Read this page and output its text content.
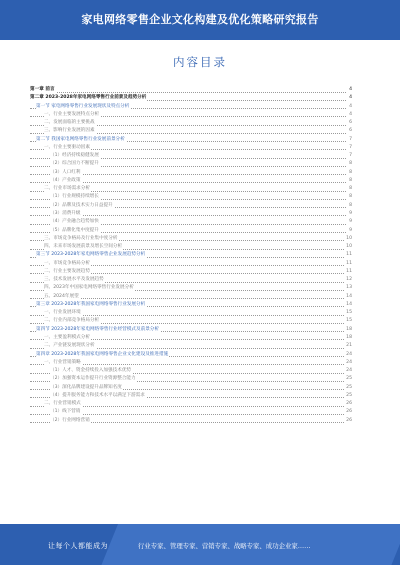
家电网络零售企业文化构建及优化策略研究报告
内容目录
第一章 前言	4
第二章 2023-2028年家电网络零售行业前景及趋势分析	4
第一节 家电网络零售行业发展现状及特点分析	4
一、行业主要发展特点分析	4
二、发展面临的主要挑战	6
三、影响行业发展的因素	6
第二节 我国家电网络零售行业发展前景分析	7
一、行业主要驱动因素	7
（1）经济持续稳健发展	7
（2）综合国力不断提升	8
（3）人口红利	8
（4）产业政策	8
二、行业市场需求分析	8
（1）行业规模持续增长	8
（2）品牌及技术实力日益提升	8
（3）消费升级	9
（4）产业融合趋势加快	9
（5）品牌化集中度提升	9
三、市场竞争格局及行业集中度分析	10
四、未来市场发展前景及增长空间分析	10
第三节 2023-2028年家电网络零售企业发展趋势分析	11
一、市场竞争格局分析	11
二、行业主要发展趋势	11
三、技术发展水平及发展趋势	12
四、2023年中国家电网络零售行业发展分析	13
五、2024年展望	14
第三章 2023-2028年我国家电网络零售行业发展分析	14
一、行业发展环境	15
二、行业内部竞争格局分析	15
第四节 2023-2028年家电网络零售行业经营模式及前景分析	18
一、主要盈利模式分析	18
二、产业链发展现状分析	21
第四章 2023-2028年我国家电网络零售企业文化建设及推进措施	24
一、行业营销策略	24
（1）人才、资金持续投入加强技术优势	24
（2）加强资本运作提升行业资源整合能力	25
（3）深化品牌建设提升品牌知名度	25
（4）提升服务能力和技术水平以满足下游需求	25
二、行业营销模式	26
（1）线下营销	26
（2）行业网络营销	26
让每个人都能成为	行业专家、管理专家、营销专家、战略专家、成功企业家……
